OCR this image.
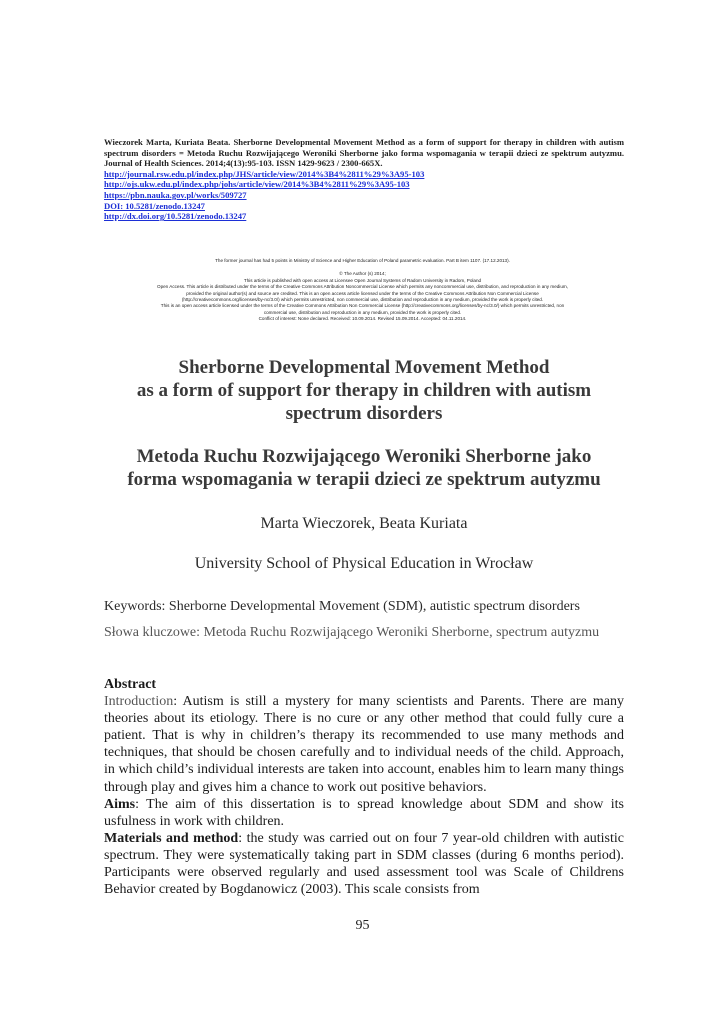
Wieczorek Marta, Kuriata Beata. Sherborne Developmental Movement Method as a form of support for therapy in children with autism spectrum disorders = Metoda Ruchu Rozwijającego Weroniki Sherborne jako forma wspomagania w terapii dzieci ze spektrum autyzmu. Journal of Health Sciences. 2014;4(13):95-103. ISSN 1429-9623 / 2300-665X.

http://journal.rsw.edu.pl/index.php/JHS/article/view/2014%3B4%2811%29%3A95-103
http://ojs.ukw.edu.pl/index.php/johs/article/view/2014%3B4%2811%29%3A95-103
https://pbn.nauka.gov.pl/works/509727
DOI: 10.5281/zenodo.13247
http://dx.doi.org/10.5281/zenodo.13247
The former journal has had 5 points in Ministry of Science and Higher Education of Poland parametric evaluation. Part B item 1107. (17.12.2013).
© The Author (s) 2014;
This article is published with open access at Licensee Open Journal Systems of Radom University in Radom, Poland
Open Access. This article is distributed under the terms of the Creative Commons Attribution Noncommercial License which permits any noncommercial use, distribution, and reproduction in any medium,
provided the original author(s) and source are credited. This is an open access article licensed under the terms of the Creative Commons Attribution Non Commercial License
(http://creativecommons.org/licenses/by-nc/3.0/) which permits unrestricted, non commercial use, distribution and reproduction in any medium, provided the work is properly cited.
This is an open access article licensed under the terms of the Creative Commons Attribution Non Commercial License (http://creativecommons.org/licenses/by-nc/3.0/) which permits unrestricted, non
commercial use, distribution and reproduction in any medium, provided the work is properly cited.
Conflict of interest: None declared. Received: 10.09.2014. Revised 15.09.2014. Accepted: 04.11.2014.
Sherborne Developmental Movement Method
as a form of support for therapy in children with autism
spectrum disorders
Metoda Ruchu Rozwijającego Weroniki Sherborne jako
forma wspomagania w terapii dzieci ze spektrum autyzmu
Marta Wieczorek, Beata Kuriata
University School of Physical Education in Wrocław
Keywords: Sherborne Developmental Movement (SDM), autistic spectrum disorders
Słowa kluczowe: Metoda Ruchu Rozwijającego Weroniki Sherborne, spectrum autyzmu
Abstract

Introduction: Autism is still a mystery for many scientists and Parents. There are many theories about its etiology. There is no cure or any other method that could fully cure a patient. That is why in children’s therapy its recommended to use many methods and techniques, that should be chosen carefully and to individual needs of the child. Approach, in which child’s individual interests are taken into account, enables him to learn many things through play and gives him a chance to work out positive behaviors.

Aims: The aim of this dissertation is to spread knowledge about SDM and show its usfulness in work with children.

Materials and method: the study was carried out on four 7 year-old children with autistic spectrum. They were systematically taking part in SDM classes (during 6 months period). Participants were observed regularly and used assessment tool was Scale of Childrens Behavior created by Bogdanowicz (2003). This scale consists from

95
